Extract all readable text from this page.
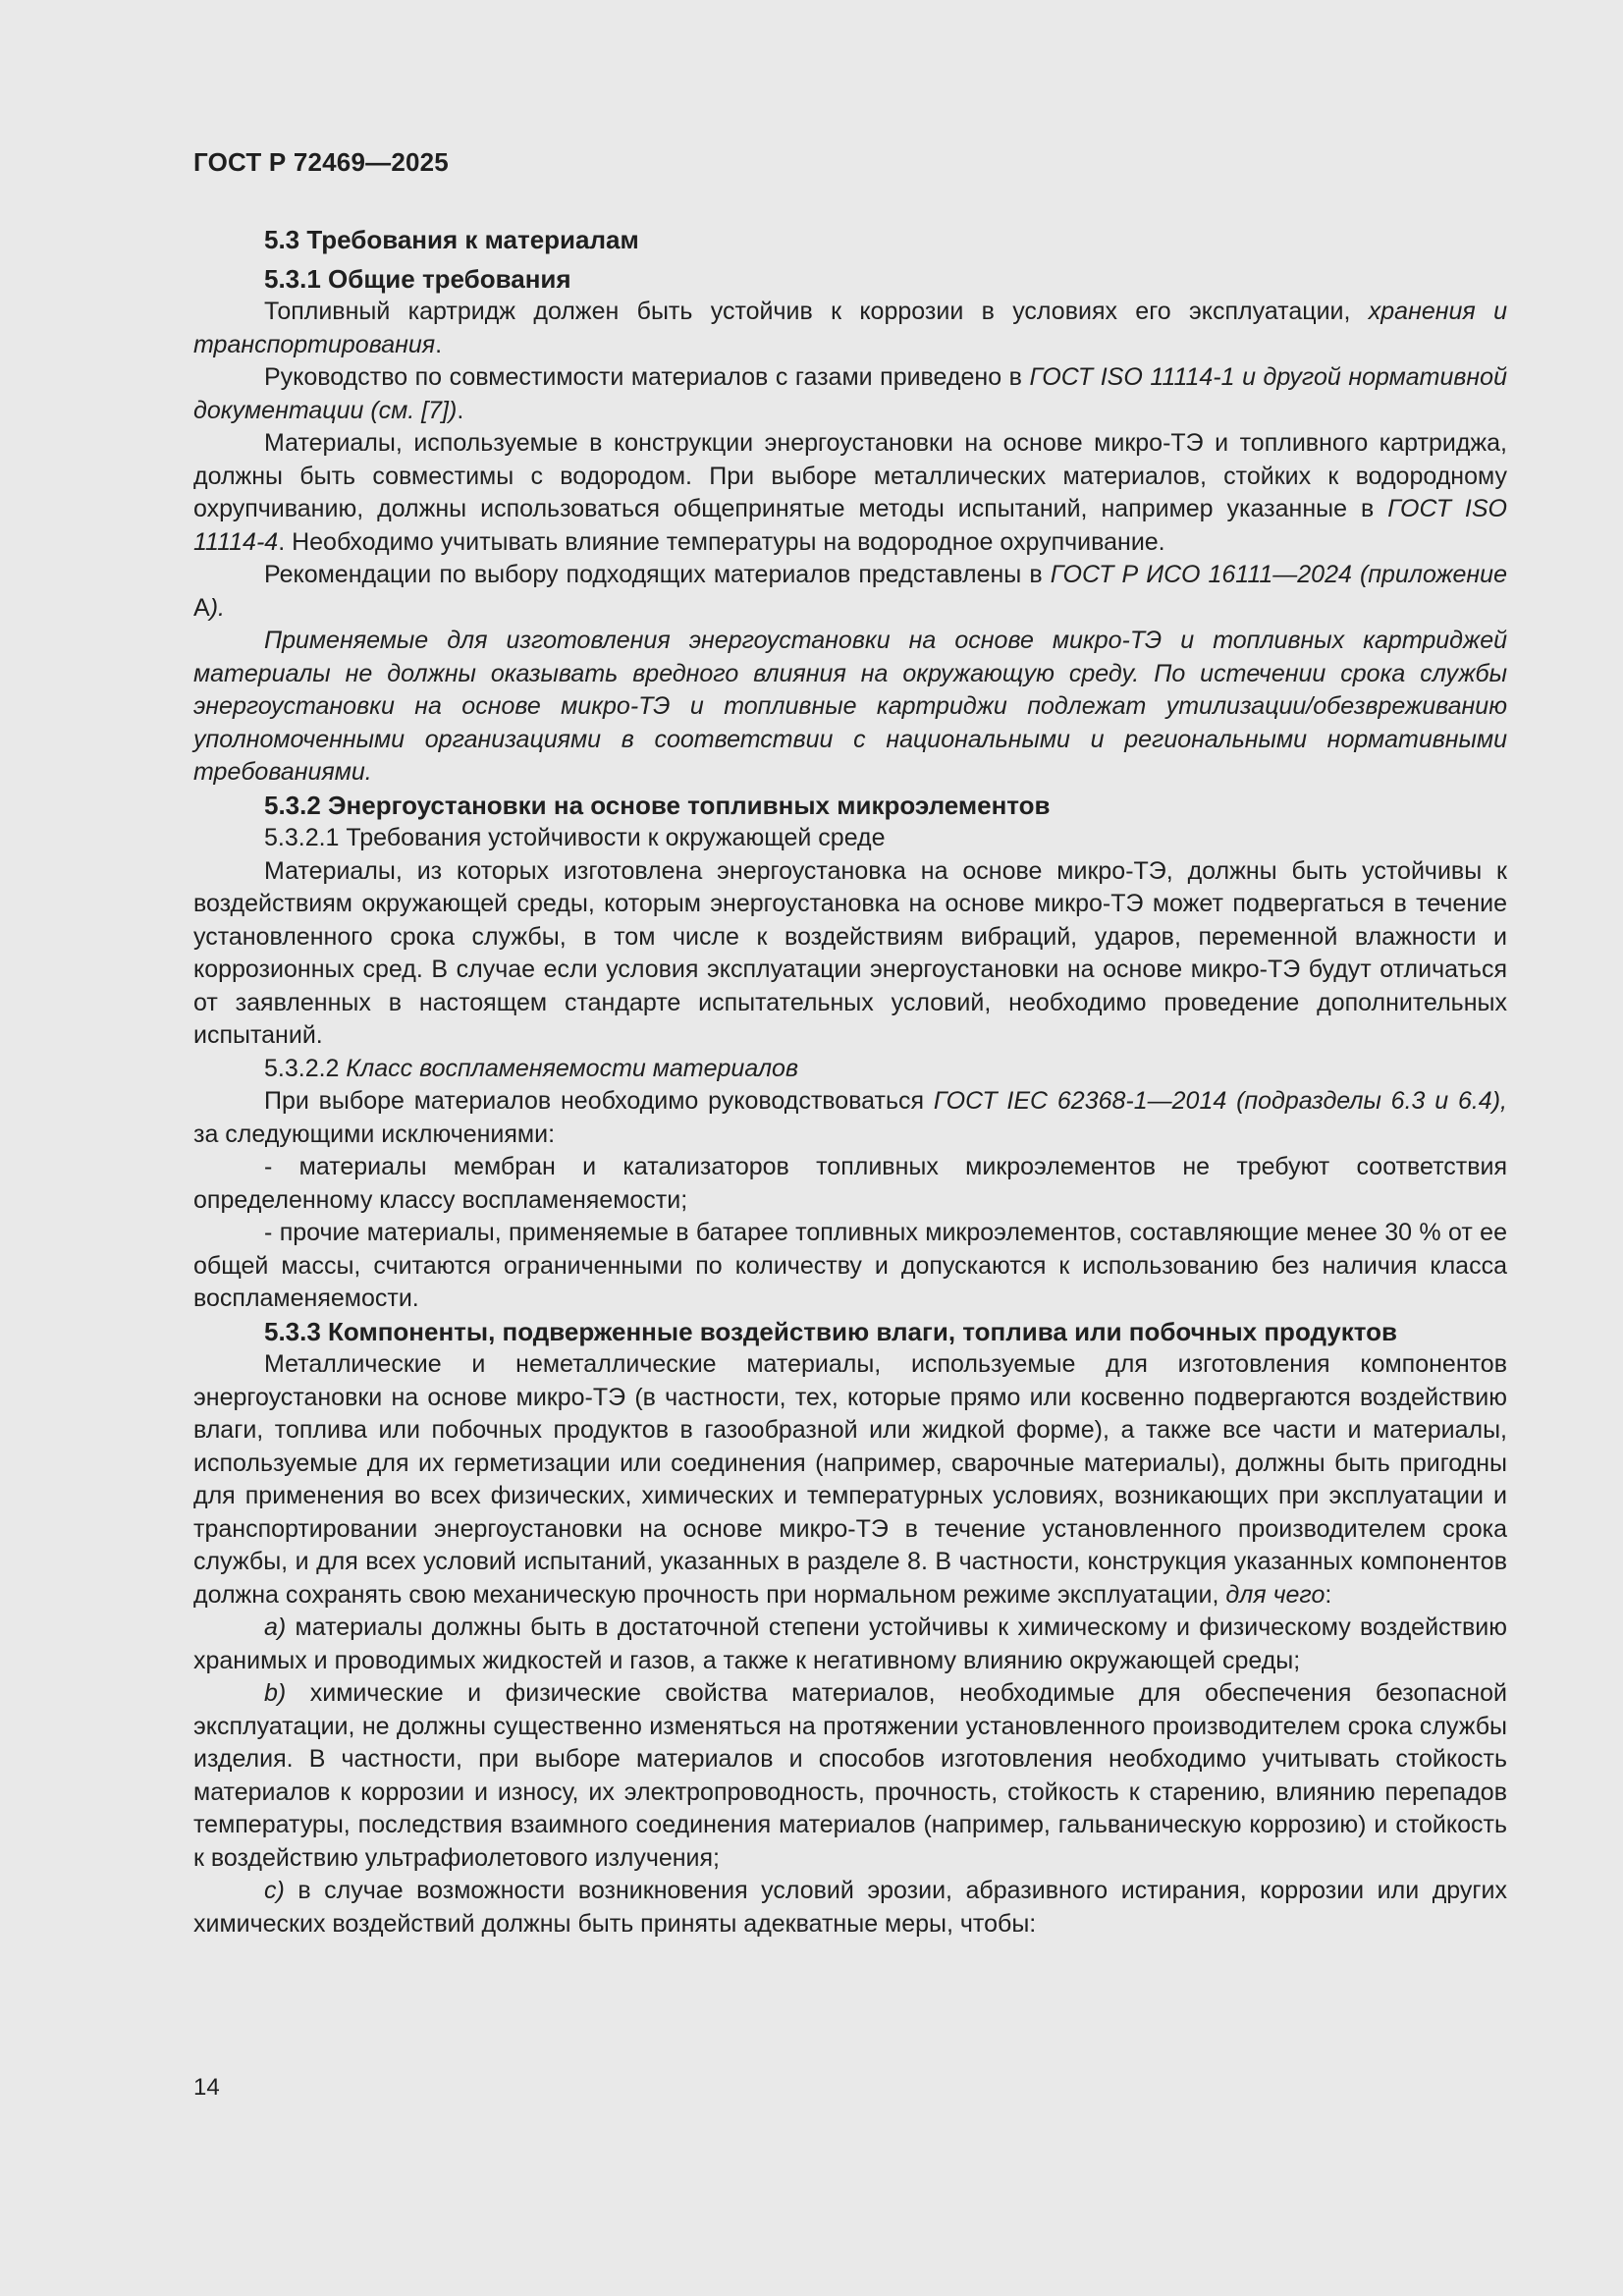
ГОСТ Р 72469—2025

5.3 Требования к материалам

5.3.1 Общие требования

Топливный картридж должен быть устойчив к коррозии в условиях его эксплуатации, хранения и транспортирования.

Руководство по совместимости материалов с газами приведено в ГОСТ ISO 11114-1 и другой нормативной документации (см. [7]).

Материалы, используемые в конструкции энергоустановки на основе микро-ТЭ и топливного картриджа, должны быть совместимы с водородом. При выборе металлических материалов, стойких к водородному охрупчиванию, должны использоваться общепринятые методы испытаний, например указанные в ГОСТ ISO 11114-4. Необходимо учитывать влияние температуры на водородное охрупчивание.

Рекомендации по выбору подходящих материалов представлены в ГОСТ Р ИСО 16111—2024 (приложение А).

Применяемые для изготовления энергоустановки на основе микро-ТЭ и топливных картриджей материалы не должны оказывать вредного влияния на окружающую среду. По истечении срока службы энергоустановки на основе микро-ТЭ и топливные картриджи подлежат утилизации/обезвреживанию уполномоченными организациями в соответствии с национальными и региональными нормативными требованиями.

5.3.2 Энергоустановки на основе топливных микроэлементов

5.3.2.1 Требования устойчивости к окружающей среде

Материалы, из которых изготовлена энергоустановка на основе микро-ТЭ, должны быть устойчивы к воздействиям окружающей среды, которым энергоустановка на основе микро-ТЭ может подвергаться в течение установленного срока службы, в том числе к воздействиям вибраций, ударов, переменной влажности и коррозионных сред. В случае если условия эксплуатации энергоустановки на основе микро-ТЭ будут отличаться от заявленных в настоящем стандарте испытательных условий, необходимо проведение дополнительных испытаний.

5.3.2.2 Класс воспламеняемости материалов

При выборе материалов необходимо руководствоваться ГОСТ IEC 62368-1—2014 (подразделы 6.3 и 6.4), за следующими исключениями:

- материалы мембран и катализаторов топливных микроэлементов не требуют соответствия определенному классу воспламеняемости;

- прочие материалы, применяемые в батарее топливных микроэлементов, составляющие менее 30 % от ее общей массы, считаются ограниченными по количеству и допускаются к использованию без наличия класса воспламеняемости.

5.3.3 Компоненты, подверженные воздействию влаги, топлива или побочных продуктов

Металлические и неметаллические материалы, используемые для изготовления компонентов энергоустановки на основе микро-ТЭ (в частности, тех, которые прямо или косвенно подвергаются воздействию влаги, топлива или побочных продуктов в газообразной или жидкой форме), а также все части и материалы, используемые для их герметизации или соединения (например, сварочные материалы), должны быть пригодны для применения во всех физических, химических и температурных условиях, возникающих при эксплуатации и транспортировании энергоустановки на основе микро-ТЭ в течение установленного производителем срока службы, и для всех условий испытаний, указанных в разделе 8. В частности, конструкция указанных компонентов должна сохранять свою механическую прочность при нормальном режиме эксплуатации, для чего:

a) материалы должны быть в достаточной степени устойчивы к химическому и физическому воздействию хранимых и проводимых жидкостей и газов, а также к негативному влиянию окружающей среды;

b) химические и физические свойства материалов, необходимые для обеспечения безопасной эксплуатации, не должны существенно изменяться на протяжении установленного производителем срока службы изделия. В частности, при выборе материалов и способов изготовления необходимо учитывать стойкость материалов к коррозии и износу, их электропроводность, прочность, стойкость к старению, влиянию перепадов температуры, последствия взаимного соединения материалов (например, гальваническую коррозию) и стойкость к воздействию ультрафиолетового излучения;

c) в случае возможности возникновения условий эрозии, абразивного истирания, коррозии или других химических воздействий должны быть приняты адекватные меры, чтобы:

14
